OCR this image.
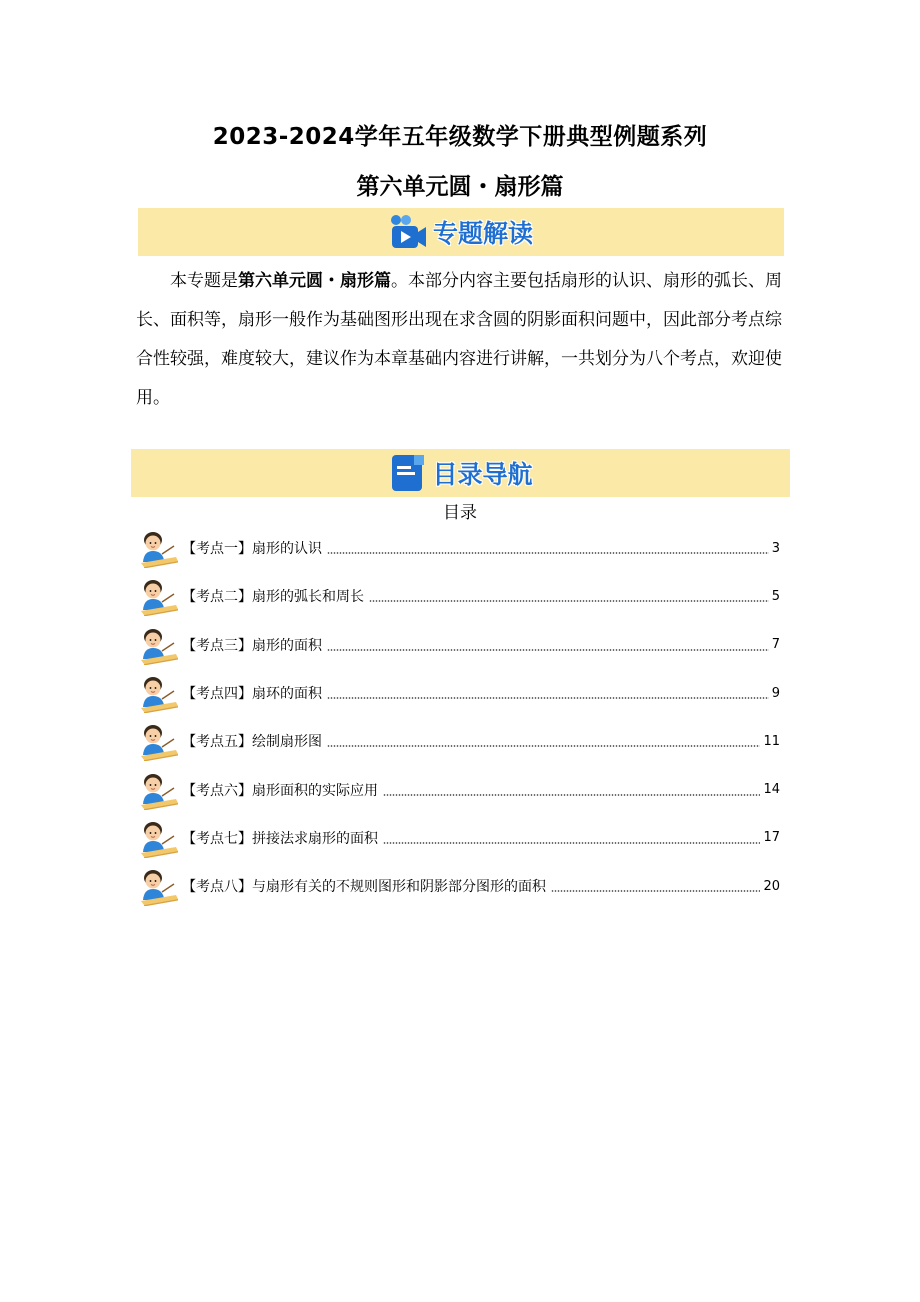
2023-2024学年五年级数学下册典型例题系列
第六单元圆・扇形篇
专题解读
本专题是第六单元圆・扇形篇。本部分内容主要包括扇形的认识、扇形的弧长、周长、面积等，扇形一般作为基础图形出现在求含圆的阴影面积问题中，因此部分考点综合性较强，难度较大，建议作为本章基础内容进行讲解，一共划分为八个考点，欢迎使用。
目录导航
目录
【考点一】扇形的认识	3
【考点二】扇形的弧长和周长	5
【考点三】扇形的面积	7
【考点四】扇环的面积	9
【考点五】绘制扇形图	11
【考点六】扇形面积的实际应用	14
【考点七】拼接法求扇形的面积	17
【考点八】与扇形有关的不规则图形和阴影部分图形的面积	20
